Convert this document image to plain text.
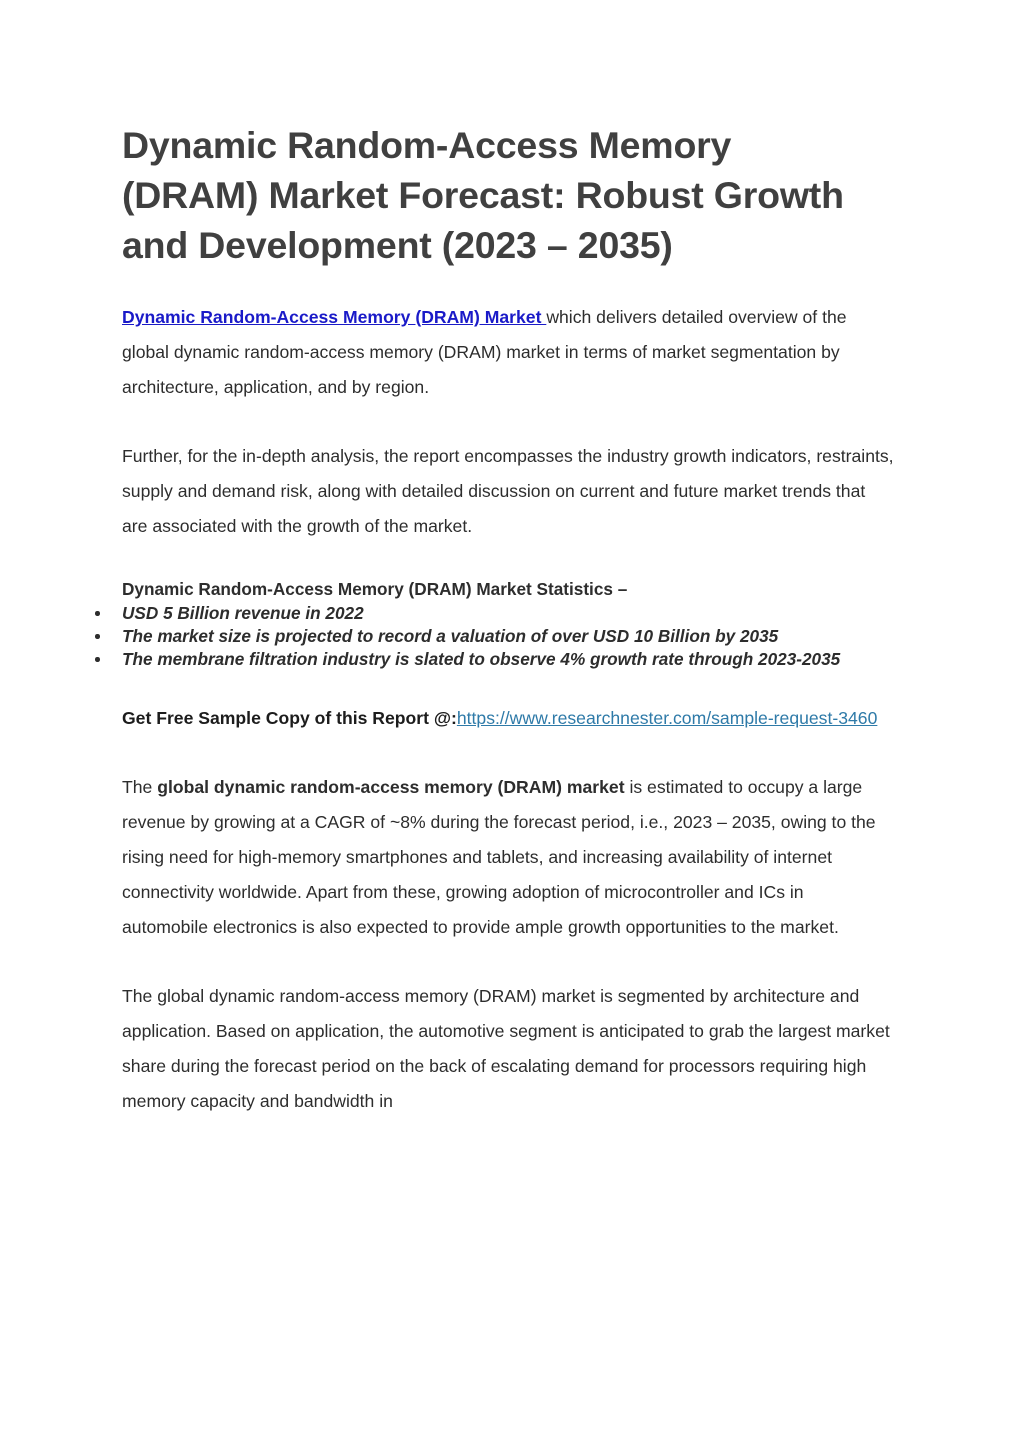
Dynamic Random-Access Memory (DRAM) Market Forecast: Robust Growth and Development (2023 – 2035)

Dynamic Random-Access Memory (DRAM) Market which delivers detailed overview of the global dynamic random-access memory (DRAM) market in terms of market segmentation by architecture, application, and by region.

Further, for the in-depth analysis, the report encompasses the industry growth indicators, restraints, supply and demand risk, along with detailed discussion on current and future market trends that are associated with the growth of the market.

Dynamic Random-Access Memory (DRAM) Market Statistics –
USD 5 Billion revenue in 2022
The market size is projected to record a valuation of over USD 10 Billion by 2035
The membrane filtration industry is slated to observe 4% growth rate through 2023-2035

Get Free Sample Copy of this Report @:https://www.researchnester.com/sample-request-3460

The global dynamic random-access memory (DRAM) market is estimated to occupy a large revenue by growing at a CAGR of ~8% during the forecast period, i.e., 2023 – 2035, owing to the rising need for high-memory smartphones and tablets, and increasing availability of internet connectivity worldwide. Apart from these, growing adoption of microcontroller and ICs in automobile electronics is also expected to provide ample growth opportunities to the market.

The global dynamic random-access memory (DRAM) market is segmented by architecture and application. Based on application, the automotive segment is anticipated to grab the largest market share during the forecast period on the back of escalating demand for processors requiring high memory capacity and bandwidth in
